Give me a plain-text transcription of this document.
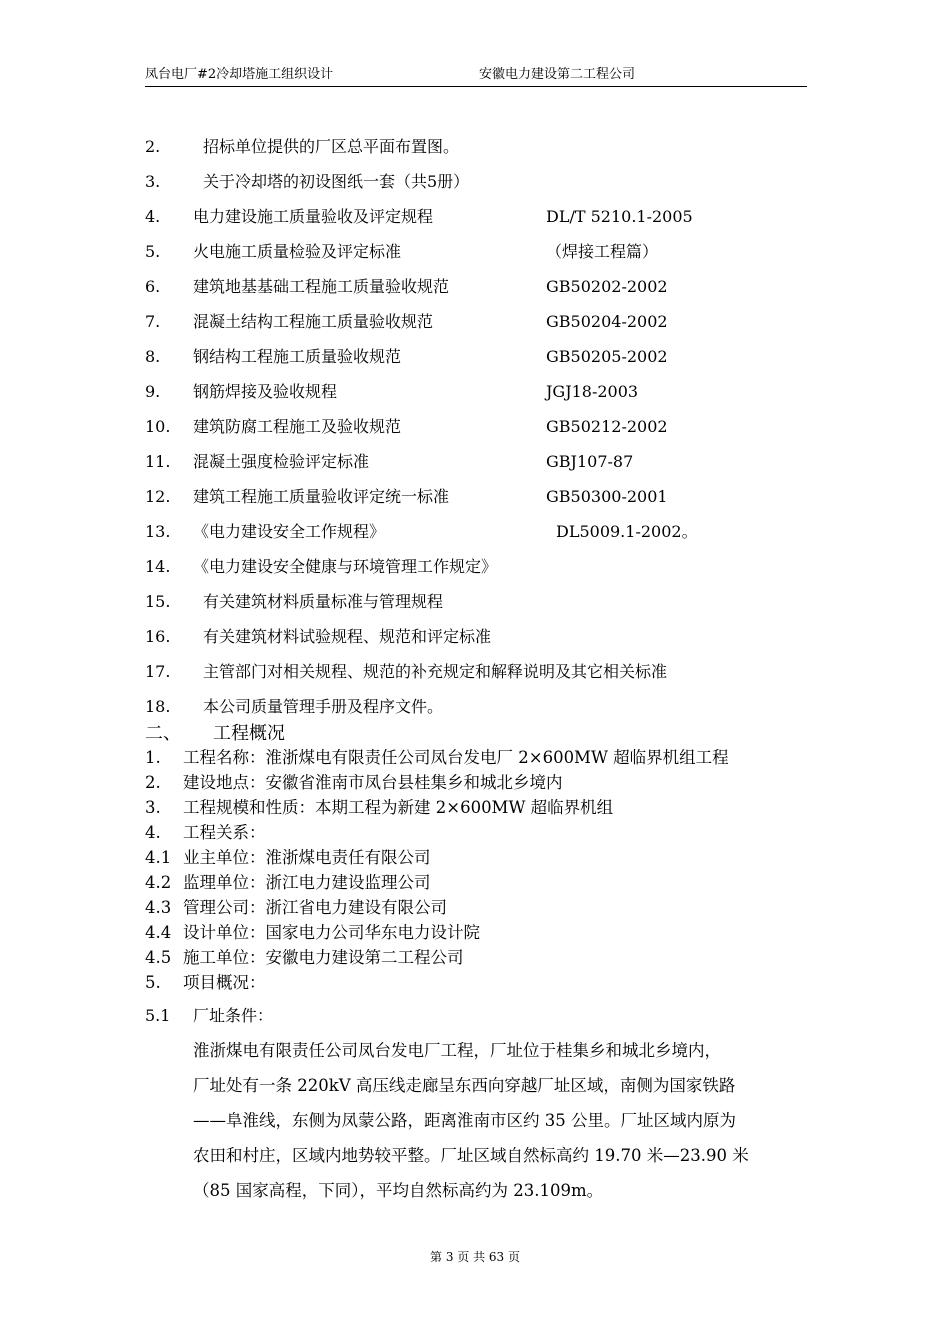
凤台电厂#2冷却塔施工组织设计	安徽电力建设第二工程公司
2.	招标单位提供的厂区总平面布置图。
3.	关于冷却塔的初设图纸一套（共5册）
4. 电力建设施工质量验收及评定规程	DL/T 5210.1-2005
5. 火电施工质量检验及评定标准	（焊接工程篇）
6. 建筑地基基础工程施工质量验收规范	GB50202-2002
7. 混凝土结构工程施工质量验收规范	GB50204-2002
8. 钢结构工程施工质量验收规范	GB50205-2002
9. 钢筋焊接及验收规程	JGJ18-2003
10. 建筑防腐工程施工及验收规范	GB50212-2002
11. 混凝土强度检验评定标准	GBJ107-87
12. 建筑工程施工质量验收评定统一标准	GB50300-2001
13. 《电力建设安全工作规程》	DL5009.1-2002。
14. 《电力建设安全健康与环境管理工作规定》
15. 有关建筑材料质量标准与管理规程
16. 有关建筑材料试验规程、规范和评定标准
17. 主管部门对相关规程、规范的补充规定和解释说明及其它相关标准
18. 本公司质量管理手册及程序文件。
二、 工程概况
1. 工程名称：淮浙煤电有限责任公司凤台发电厂 2×600MW 超临界机组工程
2. 建设地点：安徽省淮南市凤台县桂集乡和城北乡境内
3. 工程规模和性质：本期工程为新建 2×600MW 超临界机组
4. 工程关系：
4.1 业主单位：淮浙煤电责任有限公司
4.2 监理单位：浙江电力建设监理公司
4.3 管理公司：浙江省电力建设有限公司
4.4 设计单位：国家电力公司华东电力设计院
4.5 施工单位：安徽电力建设第二工程公司
5. 项目概况：
5.1 厂址条件：
淮浙煤电有限责任公司凤台发电厂工程，厂址位于桂集乡和城北乡境内，
厂址处有一条 220kV 高压线走廊呈东西向穿越厂址区域，南侧为国家铁路
——阜淮线，东侧为凤蒙公路，距离淮南市区约 35 公里。厂址区域内原为
农田和村庄，区域内地势较平整。厂址区域自然标高约 19.70 米—23.90 米
（85 国家高程，下同），平均自然标高约为 23.109m。
第 3 页 共 63 页
